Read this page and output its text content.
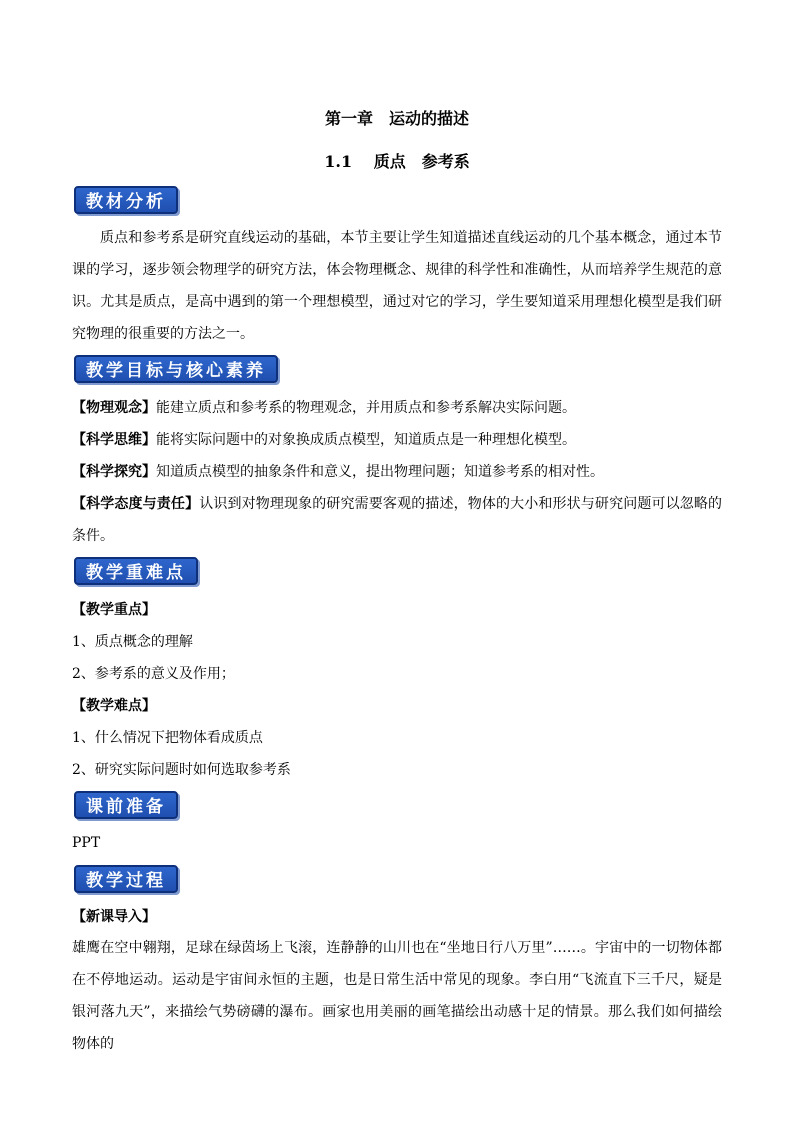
第一章　运动的描述
1.1　 质点　参考系
教材分析
质点和参考系是研究直线运动的基础，本节主要让学生知道描述直线运动的几个基本概念，通过本节课的学习，逐步领会物理学的研究方法，体会物理概念、规律的科学性和准确性，从而培养学生规范的意识。尤其是质点，是高中遇到的第一个理想模型，通过对它的学习，学生要知道采用理想化模型是我们研究物理的很重要的方法之一。
教学目标与核心素养
【物理观念】能建立质点和参考系的物理观念，并用质点和参考系解决实际问题。
【科学思维】能将实际问题中的对象换成质点模型，知道质点是一种理想化模型。
【科学探究】知道质点模型的抽象条件和意义，提出物理问题；知道参考系的相对性。
【科学态度与责任】认识到对物理现象的研究需要客观的描述，物体的大小和形状与研究问题可以忽略的条件。
教学重难点
【教学重点】
1、质点概念的理解
2、参考系的意义及作用；
【教学难点】
1、什么情况下把物体看成质点
2、研究实际问题时如何选取参考系
课前准备
PPT
教学过程
【新课导入】
雄鹰在空中翱翔，足球在绿茵场上飞滚，连静静的山川也在“坐地日行八万里”……。宇宙中的一切物体都在不停地运动。运动是宇宙间永恒的主题，也是日常生活中常见的现象。李白用“飞流直下三千尺，疑是银河落九天”，来描绘气势磅礴的瀑布。画家也用美丽的画笔描绘出动感十足的情景。那么我们如何描绘物体的
